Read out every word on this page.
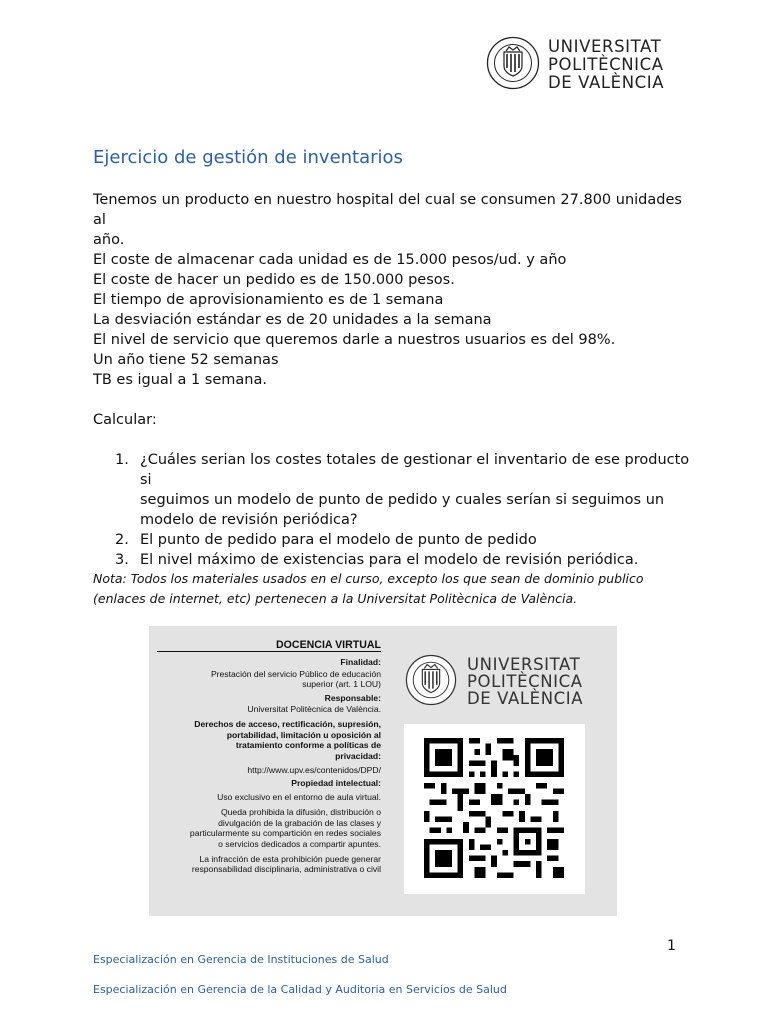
UNIVERSITAT
POLITÈCNICA
DE VALÈNCIA
Ejercicio de gestión de inventarios

Tenemos un producto en nuestro hospital del cual se consumen 27.800 unidades al

año.

El coste de almacenar cada unidad es de 15.000 pesos/ud. y año

El coste de hacer un pedido es de 150.000 pesos.

El tiempo de aprovisionamiento es de 1 semana

La desviación estándar es de 20 unidades a la semana

El nivel de servicio que queremos darle a nuestros usuarios es del 98%.

Un año tiene 52 semanas

TB es igual a 1 semana.

Calcular:

1. ¿Cuáles serian los costes totales de gestionar el inventario de ese producto si
seguimos un modelo de punto de pedido y cuales serían si seguimos un
modelo de revisión periódica?
2. El punto de pedido para el modelo de punto de pedido
3. El nivel máximo de existencias para el modelo de revisión periódica.
Nota: Todos los materiales usados en el curso, excepto los que sean de dominio publico
(enlaces de internet, etc) pertenecen a la Universitat Politècnica de València.
DOCENCIA VIRTUAL
Finalidad:
Prestación del servicio Público de educación
superior (art. 1 LOU)
Responsable:
Universitat Politècnica de València.
Derechos de acceso, rectificación, supresión,
portabilidad, limitación u oposición al
tratamiento conforme a políticas de
privacidad:
http://www.upv.es/contenidos/DPD/
Propiedad intelectual:
Uso exclusivo en el entorno de aula virtual.
Queda prohibida la difusión, distribución o
divulgación de la grabación de las clases y
particularmente su compartición en redes sociales
o servicios dedicados a compartir apuntes.
La infracción de esta prohibición puede generar
responsabilidad disciplinaria, administrativa o civil
UNIVERSITAT
POLITÈCNICA
DE VALÈNCIA
1
Especialización en Gerencia de Instituciones de Salud
Especialización en Gerencia de la Calidad y Auditoria en Servicios de Salud
